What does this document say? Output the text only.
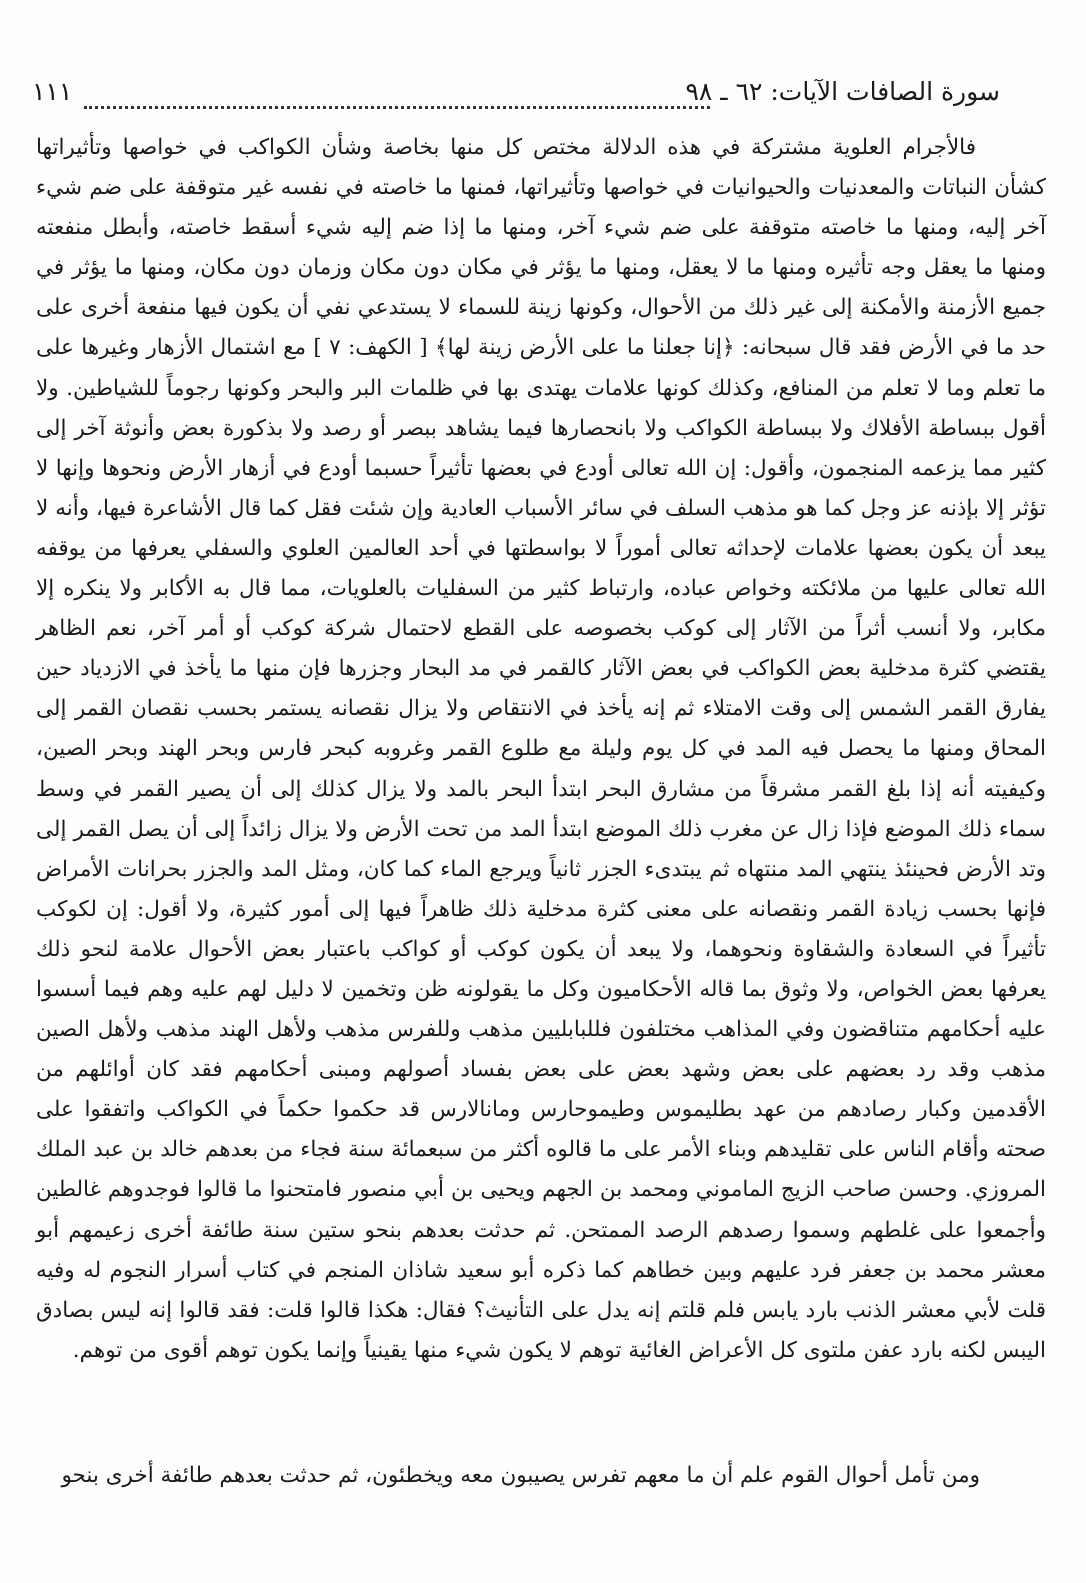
سورة الصافات الآيات: ٦٢ ـ ٩٨
١١١

فالأجرام العلوية مشتركة في هذه الدلالة مختص كل منها بخاصة وشأن الكواكب في خواصها وتأثيراتها كشأن النباتات والمعدنيات والحيوانيات في خواصها وتأثيراتها، فمنها ما خاصته في نفسه غير متوقفة على ضم شيء آخر إليه، ومنها ما خاصته متوقفة على ضم شيء آخر، ومنها ما إذا ضم إليه شيء أسقط خاصته، وأبطل منفعته ومنها ما يعقل وجه تأثيره ومنها ما لا يعقل، ومنها ما يؤثر في مكان دون مكان وزمان دون مكان، ومنها ما يؤثر في جميع الأزمنة والأمكنة إلى غير ذلك من الأحوال، وكونها زينة للسماء لا يستدعي نفي أن يكون فيها منفعة أخرى على حد ما في الأرض فقد قال سبحانه: ﴿إنا جعلنا ما على الأرض زينة لها﴾ [ الكهف: ٧ ] مع اشتمال الأزهار وغيرها على ما تعلم وما لا تعلم من المنافع، وكذلك كونها علامات يهتدى بها في ظلمات البر والبحر وكونها رجوماً للشياطين. ولا أقول ببساطة الأفلاك ولا ببساطة الكواكب ولا بانحصارها فيما يشاهد ببصر أو رصد ولا بذكورة بعض وأنوثة آخر إلى كثير مما يزعمه المنجمون، وأقول: إن الله تعالى أودع في بعضها تأثيراً حسبما أودع في أزهار الأرض ونحوها وإنها لا تؤثر إلا بإذنه عز وجل كما هو مذهب السلف في سائر الأسباب العادية وإن شئت فقل كما قال الأشاعرة فيها، وأنه لا يبعد أن يكون بعضها علامات لإحداثه تعالى أموراً لا بواسطتها في أحد العالمين العلوي والسفلي يعرفها من يوقفه الله تعالى عليها من ملائكته وخواص عباده، وارتباط كثير من السفليات بالعلويات، مما قال به الأكابر ولا ينكره إلا مكابر، ولا أنسب أثراً من الآثار إلى كوكب بخصوصه على القطع لاحتمال شركة كوكب أو أمر آخر، نعم الظاهر يقتضي كثرة مدخلية بعض الكواكب في بعض الآثار كالقمر في مد البحار وجزرها فإن منها ما يأخذ في الازدياد حين يفارق القمر الشمس إلى وقت الامتلاء ثم إنه يأخذ في الانتقاص ولا يزال نقصانه يستمر بحسب نقصان القمر إلى المحاق ومنها ما يحصل فيه المد في كل يوم وليلة مع طلوع القمر وغروبه كبحر فارس وبحر الهند وبحر الصين، وكيفيته أنه إذا بلغ القمر مشرقاً من مشارق البحر ابتدأ البحر بالمد ولا يزال كذلك إلى أن يصير القمر في وسط سماء ذلك الموضع فإذا زال عن مغرب ذلك الموضع ابتدأ المد من تحت الأرض ولا يزال زائداً إلى أن يصل القمر إلى وتد الأرض فحينئذ ينتهي المد منتهاه ثم يبتدىء الجزر ثانياً ويرجع الماء كما كان، ومثل المد والجزر بحرانات الأمراض فإنها بحسب زيادة القمر ونقصانه على معنى كثرة مدخلية ذلك ظاهراً فيها إلى أمور كثيرة، ولا أقول: إن لكوكب تأثيراً في السعادة والشقاوة ونحوهما، ولا يبعد أن يكون كوكب أو كواكب باعتبار بعض الأحوال علامة لنحو ذلك يعرفها بعض الخواص، ولا وثوق بما قاله الأحكاميون وكل ما يقولونه ظن وتخمين لا دليل لهم عليه وهم فيما أسسوا عليه أحكامهم متناقضون وفي المذاهب مختلفون فللبابليين مذهب وللفرس مذهب ولأهل الهند مذهب ولأهل الصين مذهب وقد رد بعضهم على بعض وشهد بعض على بعض بفساد أصولهم ومبنى أحكامهم فقد كان أوائلهم من الأقدمين وكبار رصادهم من عهد بطليموس وطيموحارس ومانالارس قد حكموا حكماً في الكواكب واتفقوا على صحته وأقام الناس على تقليدهم وبناء الأمر على ما قالوه أكثر من سبعمائة سنة فجاء من بعدهم خالد بن عبد الملك المروزي. وحسن صاحب الزيج الماموني ومحمد بن الجهم ويحيى بن أبي منصور فامتحنوا ما قالوا فوجدوهم غالطين وأجمعوا على غلطهم وسموا رصدهم الرصد الممتحن. ثم حدثت بعدهم بنحو ستين سنة طائفة أخرى زعيمهم أبو معشر محمد بن جعفر فرد عليهم وبين خطاهم كما ذكره أبو سعيد شاذان المنجم في كتاب أسرار النجوم له وفيه قلت لأبي معشر الذنب بارد يابس فلم قلتم إنه يدل على التأنيث؟ فقال: هكذا قالوا قلت: فقد قالوا إنه ليس بصادق اليبس لكنه بارد عفن ملتوى كل الأعراض الغائية توهم لا يكون شيء منها يقينياً وإنما يكون توهم أقوى من توهم.

ومن تأمل أحوال القوم علم أن ما معهم تفرس يصيبون معه ويخطئون، ثم حدثت بعدهم طائفة أخرى بنحو
